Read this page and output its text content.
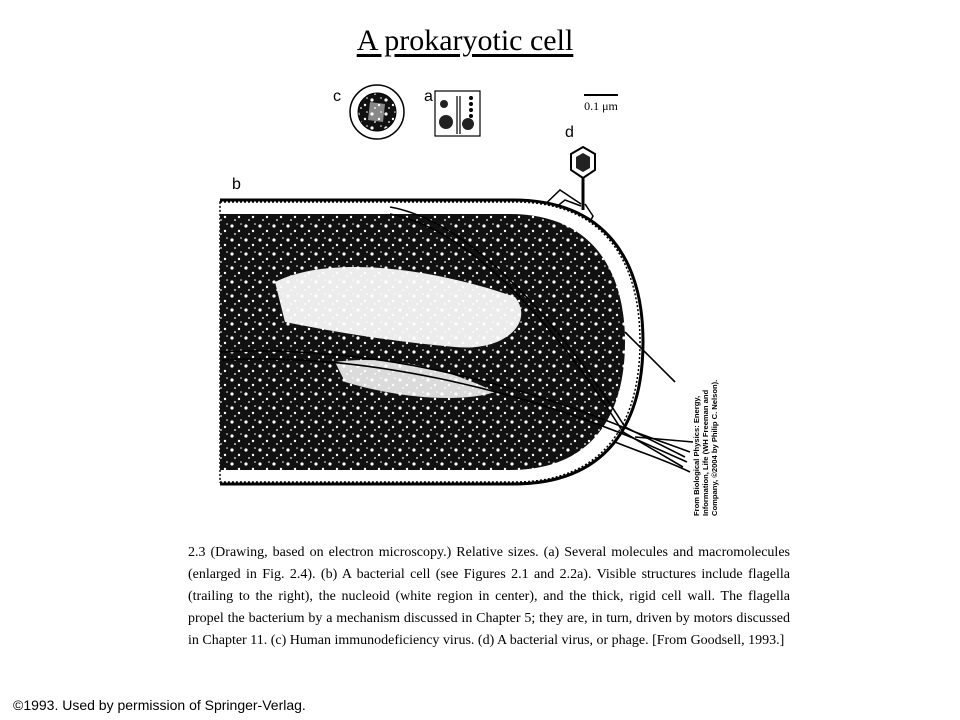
A prokaryotic cell
c	a
d
b
0.1 μm
From Biological Physics: Energy, Information, Life (WH Freeman and Company, ©2004 by Philip C. Nelson).
2.3 (Drawing, based on electron microscopy.) Relative sizes. (a) Several molecules and macromolecules (enlarged in Fig. 2.4). (b) A bacterial cell (see Figures 2.1 and 2.2a). Visible structures include flagella (trailing to the right), the nucleoid (white region in center), and the thick, rigid cell wall. The flagella propel the bacterium by a mechanism discussed in Chapter 5; they are, in turn, driven by motors discussed in Chapter 11. (c) Human immunodeficiency virus. (d) A bacterial virus, or phage. [From Goodsell, 1993.]
©1993. Used by permission of Springer-Verlag.
